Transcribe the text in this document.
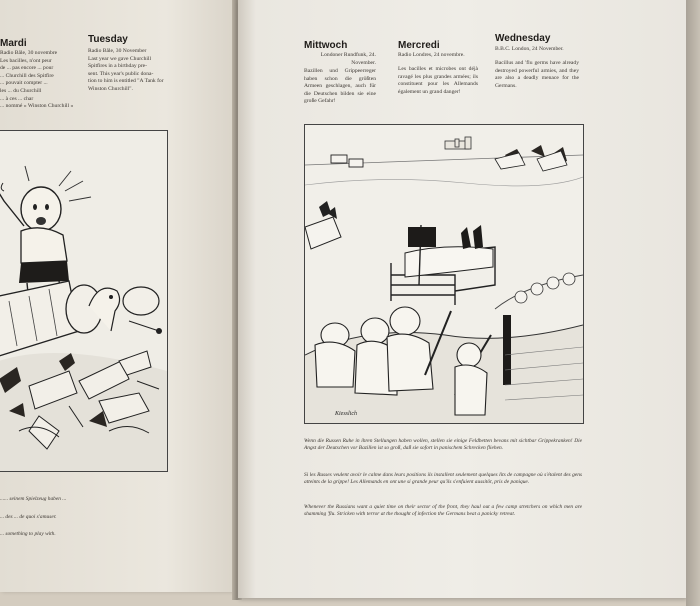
Mardi
Radio Bâle, 30 novembre
Les bacilles, n'ont peur
de ... pas encore ... pour
... Churchill des Spitfire
... pouvait compter ...
les ... du Churchill
... à ces ... char
... nommé « Winston Churchill »
Tuesday
Radio Bâle, 30 November
Last year we gave Churchill
Spitfires in a birthday pre-
sent. This year's public dona-
tion to him is entitled "A Tank for
Winston Churchill".
...... seinem Spielzeug haben ...
... des ... de quoi s'amuser.
... something to play with.
Mittwoch
Londoner Rundfunk, 24. November.
Bazillen und Grippeerreger haben schon die größten Armeen geschlagen, auch für die Deutschen bilden sie eine große Gefahr!
Mercredi
Radio Londres, 24 novembre.
Les bacilles et microbes ont déjà ravagé les plus grandes armées; ils constituent pour les Allemands également un grand danger!
Wednesday
B.B.C. London, 24 November.
Bacillus and 'flu germs have already destroyed powerful armies, and they are also a deadly menace for the Germans.
Kiesslich
Wenn die Russen Ruhe in ihren Stellungen haben wollen, stellen sie einige Feldbetten bevans mit sichtbar Grippekranken! Die Angst der Deutschen vor Bazillen ist so groß, daß sie sofort in panischem Schrecken fliehen.
Si les Russes veulent avoir le calme dans leurs positions ils installent seulement quelques lits de campagne où s'étalent des gens atteints de la grippe! Les Allemands en ont une si grande peur qu'ils s'enfuient aussitôt, pris de panique.
Whenever the Russians want a quiet time on their sector of the front, they haul out a few camp stretchers on which men are shamming 'flu. Stricken with terror at the thought of infection the Germans beat a panicky retreat.
